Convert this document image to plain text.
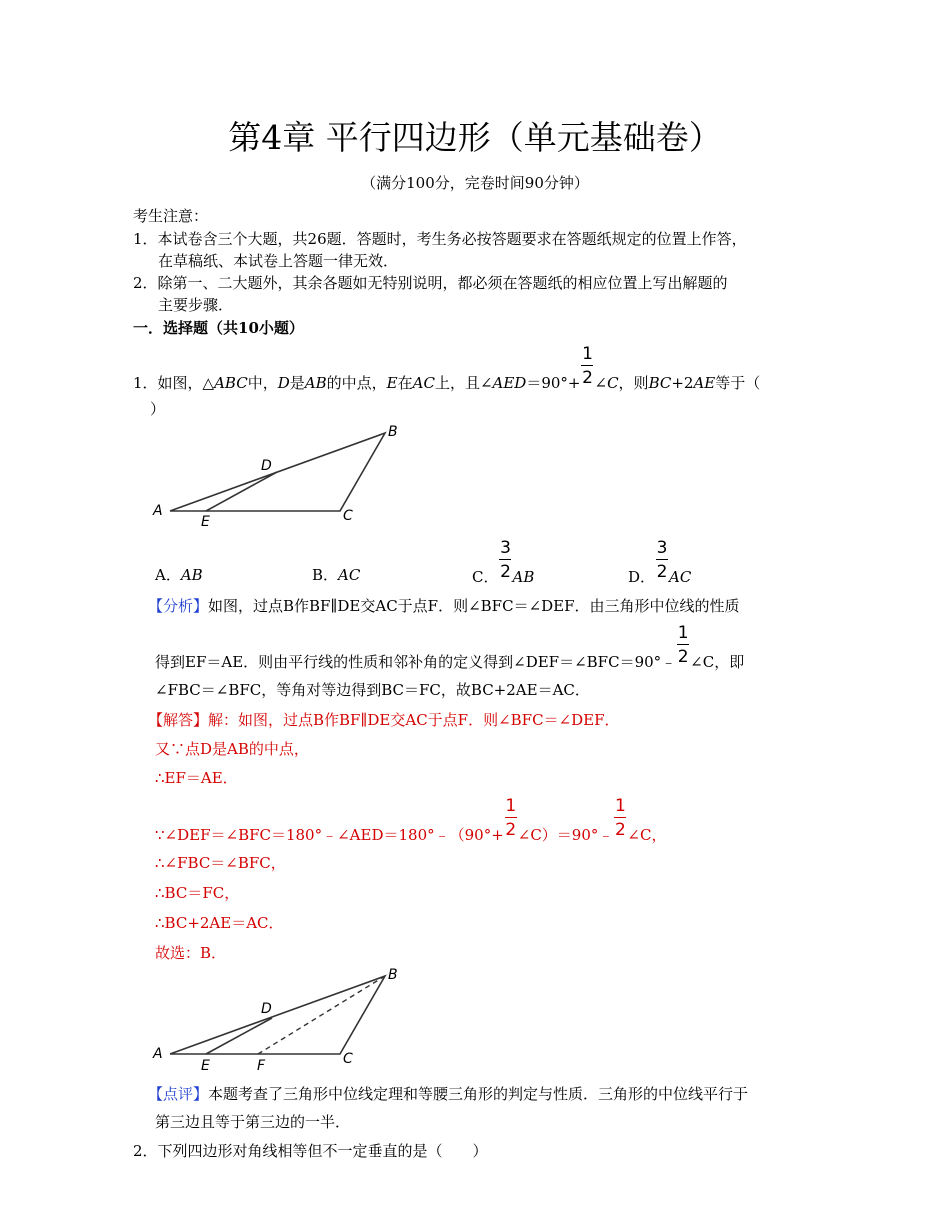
第4章 平行四边形（单元基础卷）
（满分100分，完卷时间90分钟）
考生注意：
1．本试卷含三个大题，共26题．答题时，考生务必按答题要求在答题纸规定的位置上作答，
在草稿纸、本试卷上答题一律无效．
2．除第一、二大题外，其余各题如无特别说明，都必须在答题纸的相应位置上写出解题的
主要步骤．
一．选择题（共10小题）
1．如图，△ABC中，D是AB的中点，E在AC上，且∠AED＝90°+ $\frac{1}{2}$ ∠C，则BC+2AE等于（
）
A
B
C
D
E
A．AB	B．AC	C． $\frac{3}{2}$ AB	D． $\frac{3}{2}$ AC
【分析】如图，过点B作BF∥DE交AC于点F．则∠BFC＝∠DEF．由三角形中位线的性质
得到EF＝AE．则由平行线的性质和邻补角的定义得到∠DEF＝∠BFC＝90°﹣ $\frac{1}{2}$ ∠C，即
∠FBC＝∠BFC，等角对等边得到BC＝FC，故BC+2AE＝AC．
【解答】解：如图，过点B作BF∥DE交AC于点F．则∠BFC＝∠DEF．
又∵点D是AB的中点，
∴EF＝AE．
∵∠DEF＝∠BFC＝180°﹣∠AED＝180°﹣（90°+ $\frac{1}{2}$ ∠C）＝90°﹣ $\frac{1}{2}$ ∠C，
∴∠FBC＝∠BFC，
∴BC＝FC，
∴BC+2AE＝AC．
故选：B．
A
B
C
D
E	F
【点评】本题考查了三角形中位线定理和等腰三角形的判定与性质．三角形的中位线平行于
第三边且等于第三边的一半．
2．下列四边形对角线相等但不一定垂直的是（　　）
